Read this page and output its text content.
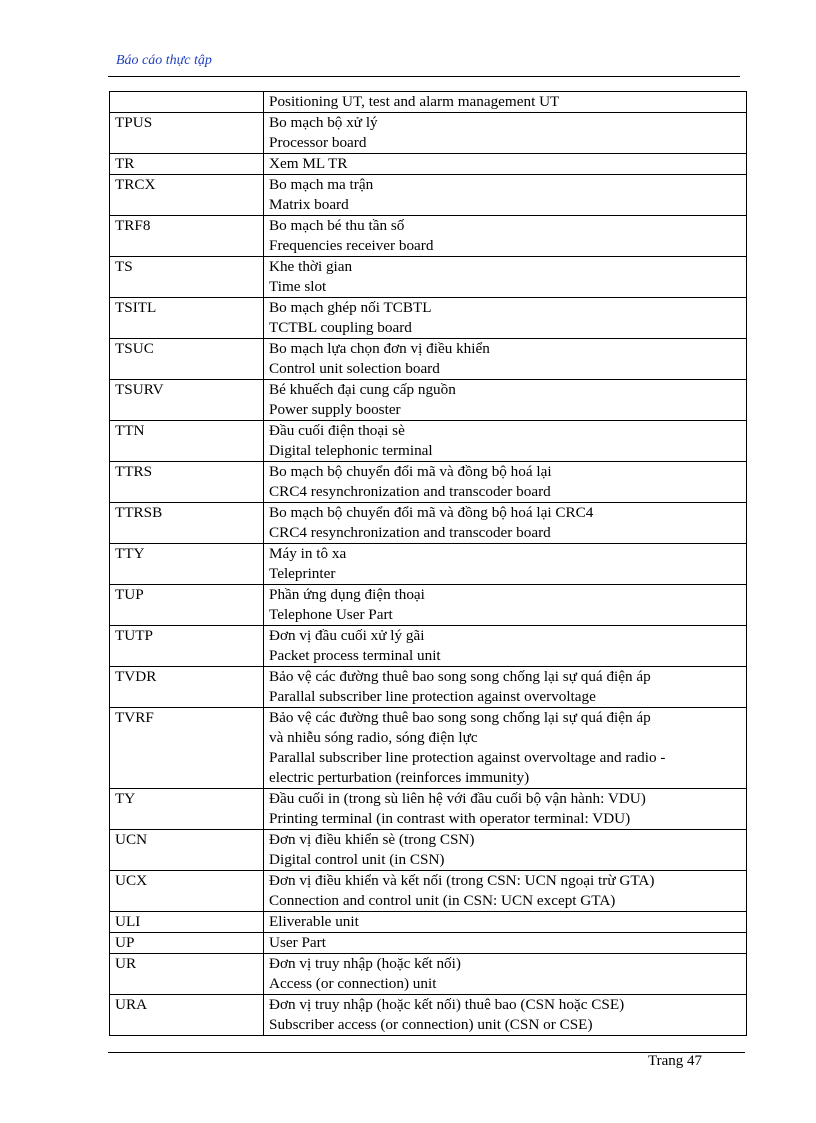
Báo cáo thực tập

	Positioning UT, test and alarm management UT

TPUS	Bo mạch bộ xử lý
Processor board

TR	Xem ML TR

TRCX	Bo mạch ma trận
Matrix board

TRF8	Bo mạch bé thu tần số
Frequencies receiver board

TS	Khe thời gian
Time slot

TSITL	Bo mạch ghép nối TCBTL
TCTBL coupling board

TSUC	Bo mạch lựa chọn đơn vị điều khiển
Control unit solection board

TSURV	Bé khuếch đại cung cấp nguồn
Power supply booster

TTN	Đầu cuối điện thoại sè
Digital telephonic terminal

TTRS	Bo mạch bộ chuyển đổi mã và đồng bộ hoá lại
CRC4 resynchronization and transcoder board

TTRSB	Bo mạch bộ chuyển đổi mã và đồng bộ hoá lại CRC4
CRC4 resynchronization and transcoder board

TTY	Máy in tô xa
Teleprinter

TUP	Phần ứng dụng điện thoại
Telephone User Part

TUTP	Đơn vị đầu cuối xử lý gãi
Packet process terminal unit

TVDR	Bảo vệ các đường thuê bao song song chống lại sự quá điện áp
Parallal subscriber line protection against overvoltage

TVRF	Bảo vệ các đường thuê bao song song chống lại sự quá điện áp
và nhiễu sóng radio, sóng điện lực
Parallal subscriber line protection against overvoltage and radio -
electric perturbation (reinforces immunity)

TY	Đầu cuối in (trong sù liên hệ với đầu cuối bộ vận hành: VDU)
Printing terminal (in contrast with operator terminal: VDU)

UCN	Đơn vị điều khiển sè (trong CSN)
Digital control unit (in CSN)

UCX	Đơn vị điều khiển và kết nối (trong CSN: UCN ngoại trừ GTA)
Connection and control unit (in CSN: UCN except GTA)

ULI	Eliverable unit

UP	User Part

UR	Đơn vị truy nhập (hoặc kết nối)
Access (or connection) unit

URA	Đơn vị truy nhập (hoặc kết nối) thuê bao (CSN hoặc CSE)
Subscriber access (or connection) unit (CSN or CSE)
Trang 47
